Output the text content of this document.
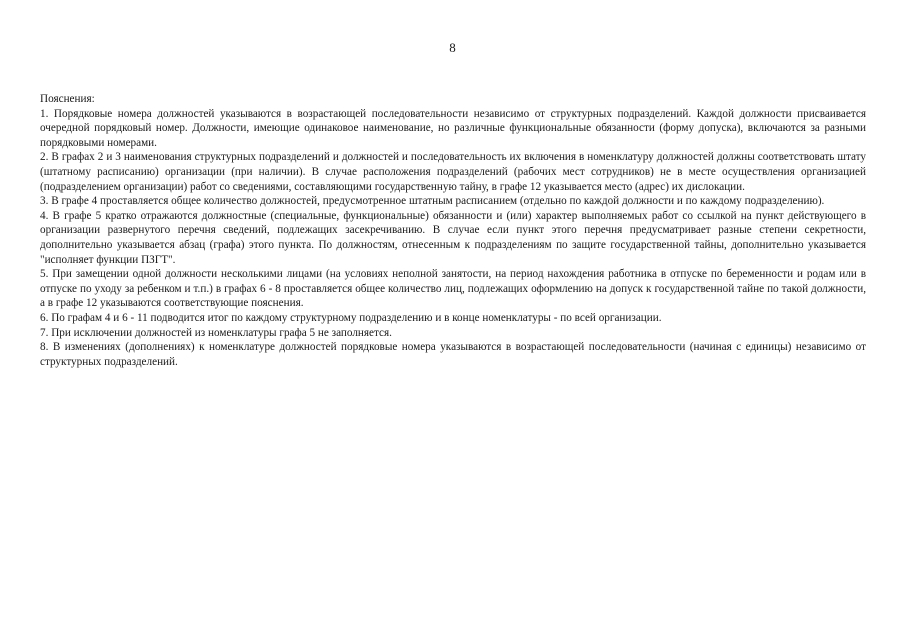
8

Пояснения:

1. Порядковые номера должностей указываются в возрастающей последовательности независимо от структурных подразделений. Каждой должности присваивается очередной порядковый номер. Должности, имеющие одинаковое наименование, но различные функциональные обязанности (форму допуска), включаются за разными порядковыми номерами.

2. В графах 2 и 3 наименования структурных подразделений и должностей и последовательность их включения в номенклатуру должностей должны соответствовать штату (штатному расписанию) организации (при наличии). В случае расположения подразделений (рабочих мест сотрудников) не в месте осуществления организацией (подразделением организации) работ со сведениями, составляющими государственную тайну, в графе 12 указывается место (адрес) их дислокации.

3. В графе 4 проставляется общее количество должностей, предусмотренное штатным расписанием (отдельно по каждой должности и по каждому подразделению).

4. В графе 5 кратко отражаются должностные (специальные, функциональные) обязанности и (или) характер выполняемых работ со ссылкой на пункт действующего в организации развернутого перечня сведений, подлежащих засекречиванию. В случае если пункт этого перечня предусматривает разные степени секретности, дополнительно указывается абзац (графа) этого пункта. По должностям, отнесенным к подразделениям по защите государственной тайны, дополнительно указывается "исполняет функции ПЗГТ".

5. При замещении одной должности несколькими лицами (на условиях неполной занятости, на период нахождения работника в отпуске по беременности и родам или в отпуске по уходу за ребенком и т.п.) в графах 6 - 8 проставляется общее количество лиц, подлежащих оформлению на допуск к государственной тайне по такой должности, а в графе 12 указываются соответствующие пояснения.

6. По графам 4 и 6 - 11 подводится итог по каждому структурному подразделению и в конце номенклатуры - по всей организации.

7. При исключении должностей из номенклатуры графа 5 не заполняется.

8. В изменениях (дополнениях) к номенклатуре должностей порядковые номера указываются в возрастающей последовательности (начиная с единицы) независимо от структурных подразделений.
